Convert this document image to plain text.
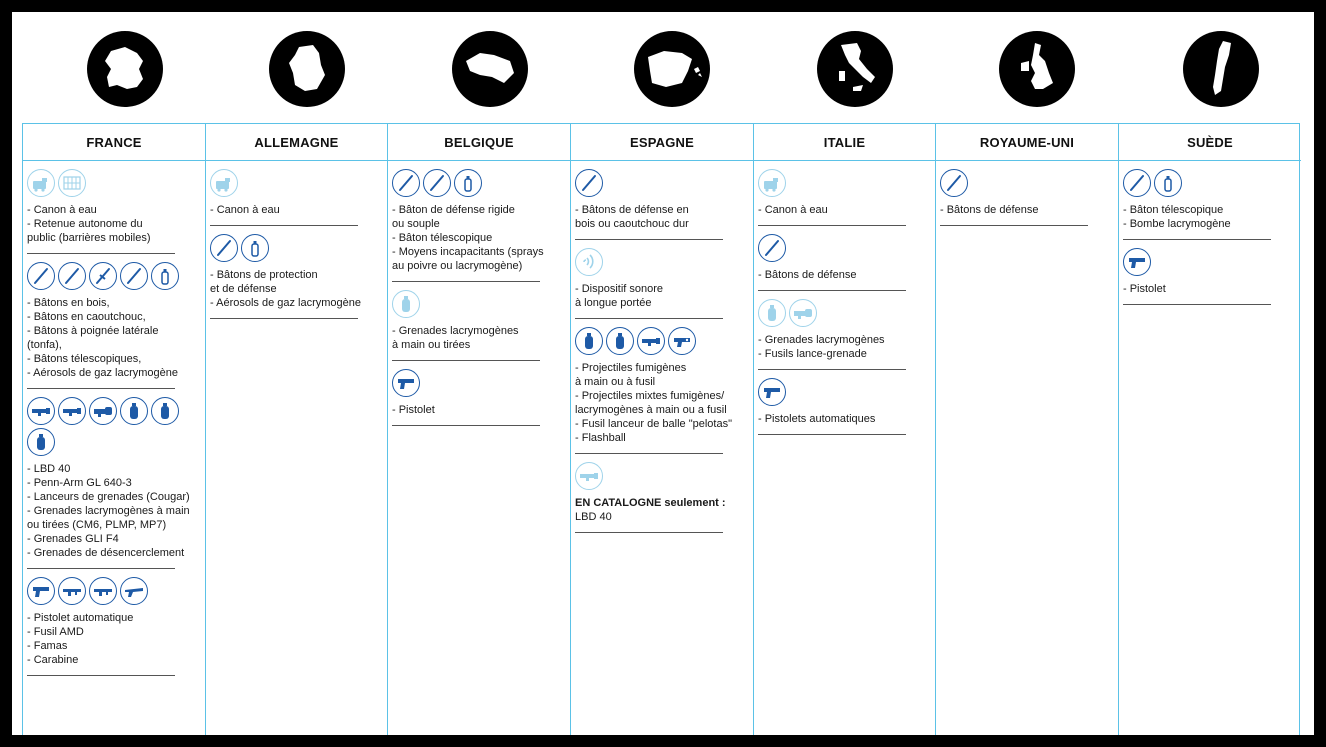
FRANCE
- Canon à eau
- Retenue autonome du
public (barrières mobiles)
- Bâtons en bois,
- Bâtons en caoutchouc,
- Bâtons à poignée latérale
(tonfa),
- Bâtons télescopiques,
- Aérosols de gaz lacrymogène
- LBD 40
- Penn-Arm GL 640-3
- Lanceurs de grenades (Cougar)
- Grenades lacrymogènes à main
ou tirées (CM6, PLMP, MP7)
- Grenades GLI F4
- Grenades de désencerclement
- Pistolet automatique
- Fusil AMD
- Famas
- Carabine
ALLEMAGNE
- Canon à eau
- Bâtons de protection
et de défense
- Aérosols de gaz lacrymogène
BELGIQUE
- Bâton de défense rigide
ou souple
- Bâton télescopique
- Moyens incapacitants (sprays
au poivre ou lacrymogène)
- Grenades lacrymogènes
à main ou tirées
- Pistolet
ESPAGNE
- Bâtons de défense en
bois ou caoutchouc dur
- Dispositif sonore
à longue portée
- Projectiles fumigènes
à main ou à fusil
- Projectiles mixtes fumigènes/
lacrymogènes à main ou a fusil
- Fusil lanceur de balle "pelotas"
- Flashball
EN CATALOGNE seulement :
LBD 40
ITALIE
- Canon à eau
- Bâtons de défense
- Grenades lacrymogènes
- Fusils lance-grenade
- Pistolets automatiques
ROYAUME-UNI
- Bâtons de défense
SUÈDE
- Bâton télescopique
- Bombe lacrymogène
- Pistolet
